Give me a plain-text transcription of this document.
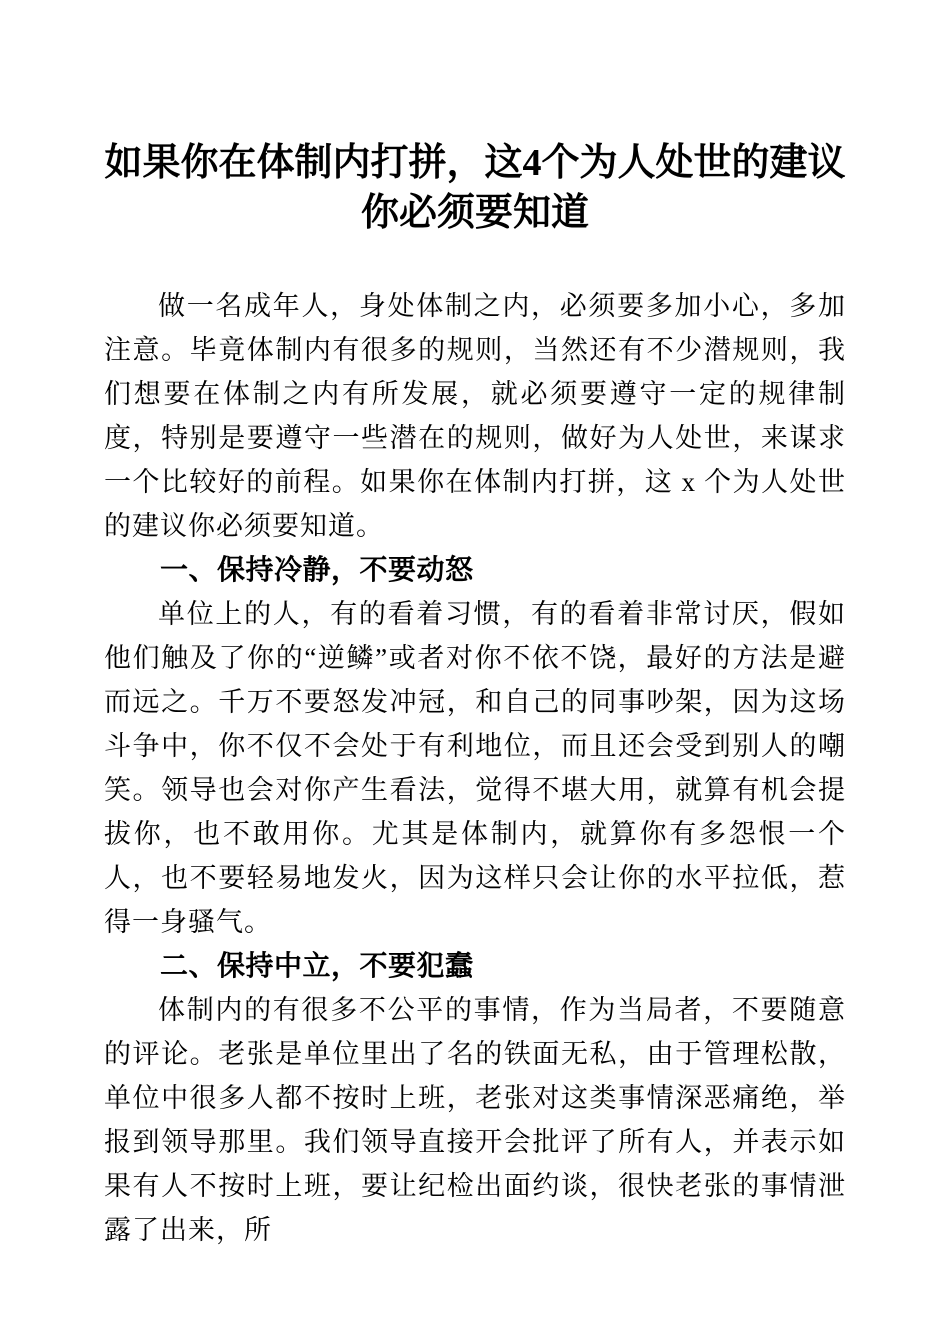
如果你在体制内打拼，这4个为人处世的建议你必须要知道

做一名成年人，身处体制之内，必须要多加小心，多加注意。毕竟体制内有很多的规则，当然还有不少潜规则，我们想要在体制之内有所发展，就必须要遵守一定的规律制度，特别是要遵守一些潜在的规则，做好为人处世，来谋求一个比较好的前程。如果你在体制内打拼，这 x 个为人处世的建议你必须要知道。

一、保持冷静，不要动怒

单位上的人，有的看着习惯，有的看着非常讨厌，假如他们触及了你的“逆鳞”或者对你不依不饶，最好的方法是避而远之。千万不要怒发冲冠，和自己的同事吵架，因为这场斗争中，你不仅不会处于有利地位，而且还会受到别人的嘲笑。领导也会对你产生看法，觉得不堪大用，就算有机会提拔你，也不敢用你。尤其是体制内，就算你有多怨恨一个人，也不要轻易地发火，因为这样只会让你的水平拉低，惹得一身骚气。

二、保持中立，不要犯蠢

体制内的有很多不公平的事情，作为当局者，不要随意的评论。老张是单位里出了名的铁面无私，由于管理松散，单位中很多人都不按时上班，老张对这类事情深恶痛绝，举报到领导那里。我们领导直接开会批评了所有人，并表示如果有人不按时上班，要让纪检出面约谈，很快老张的事情泄露了出来，所
